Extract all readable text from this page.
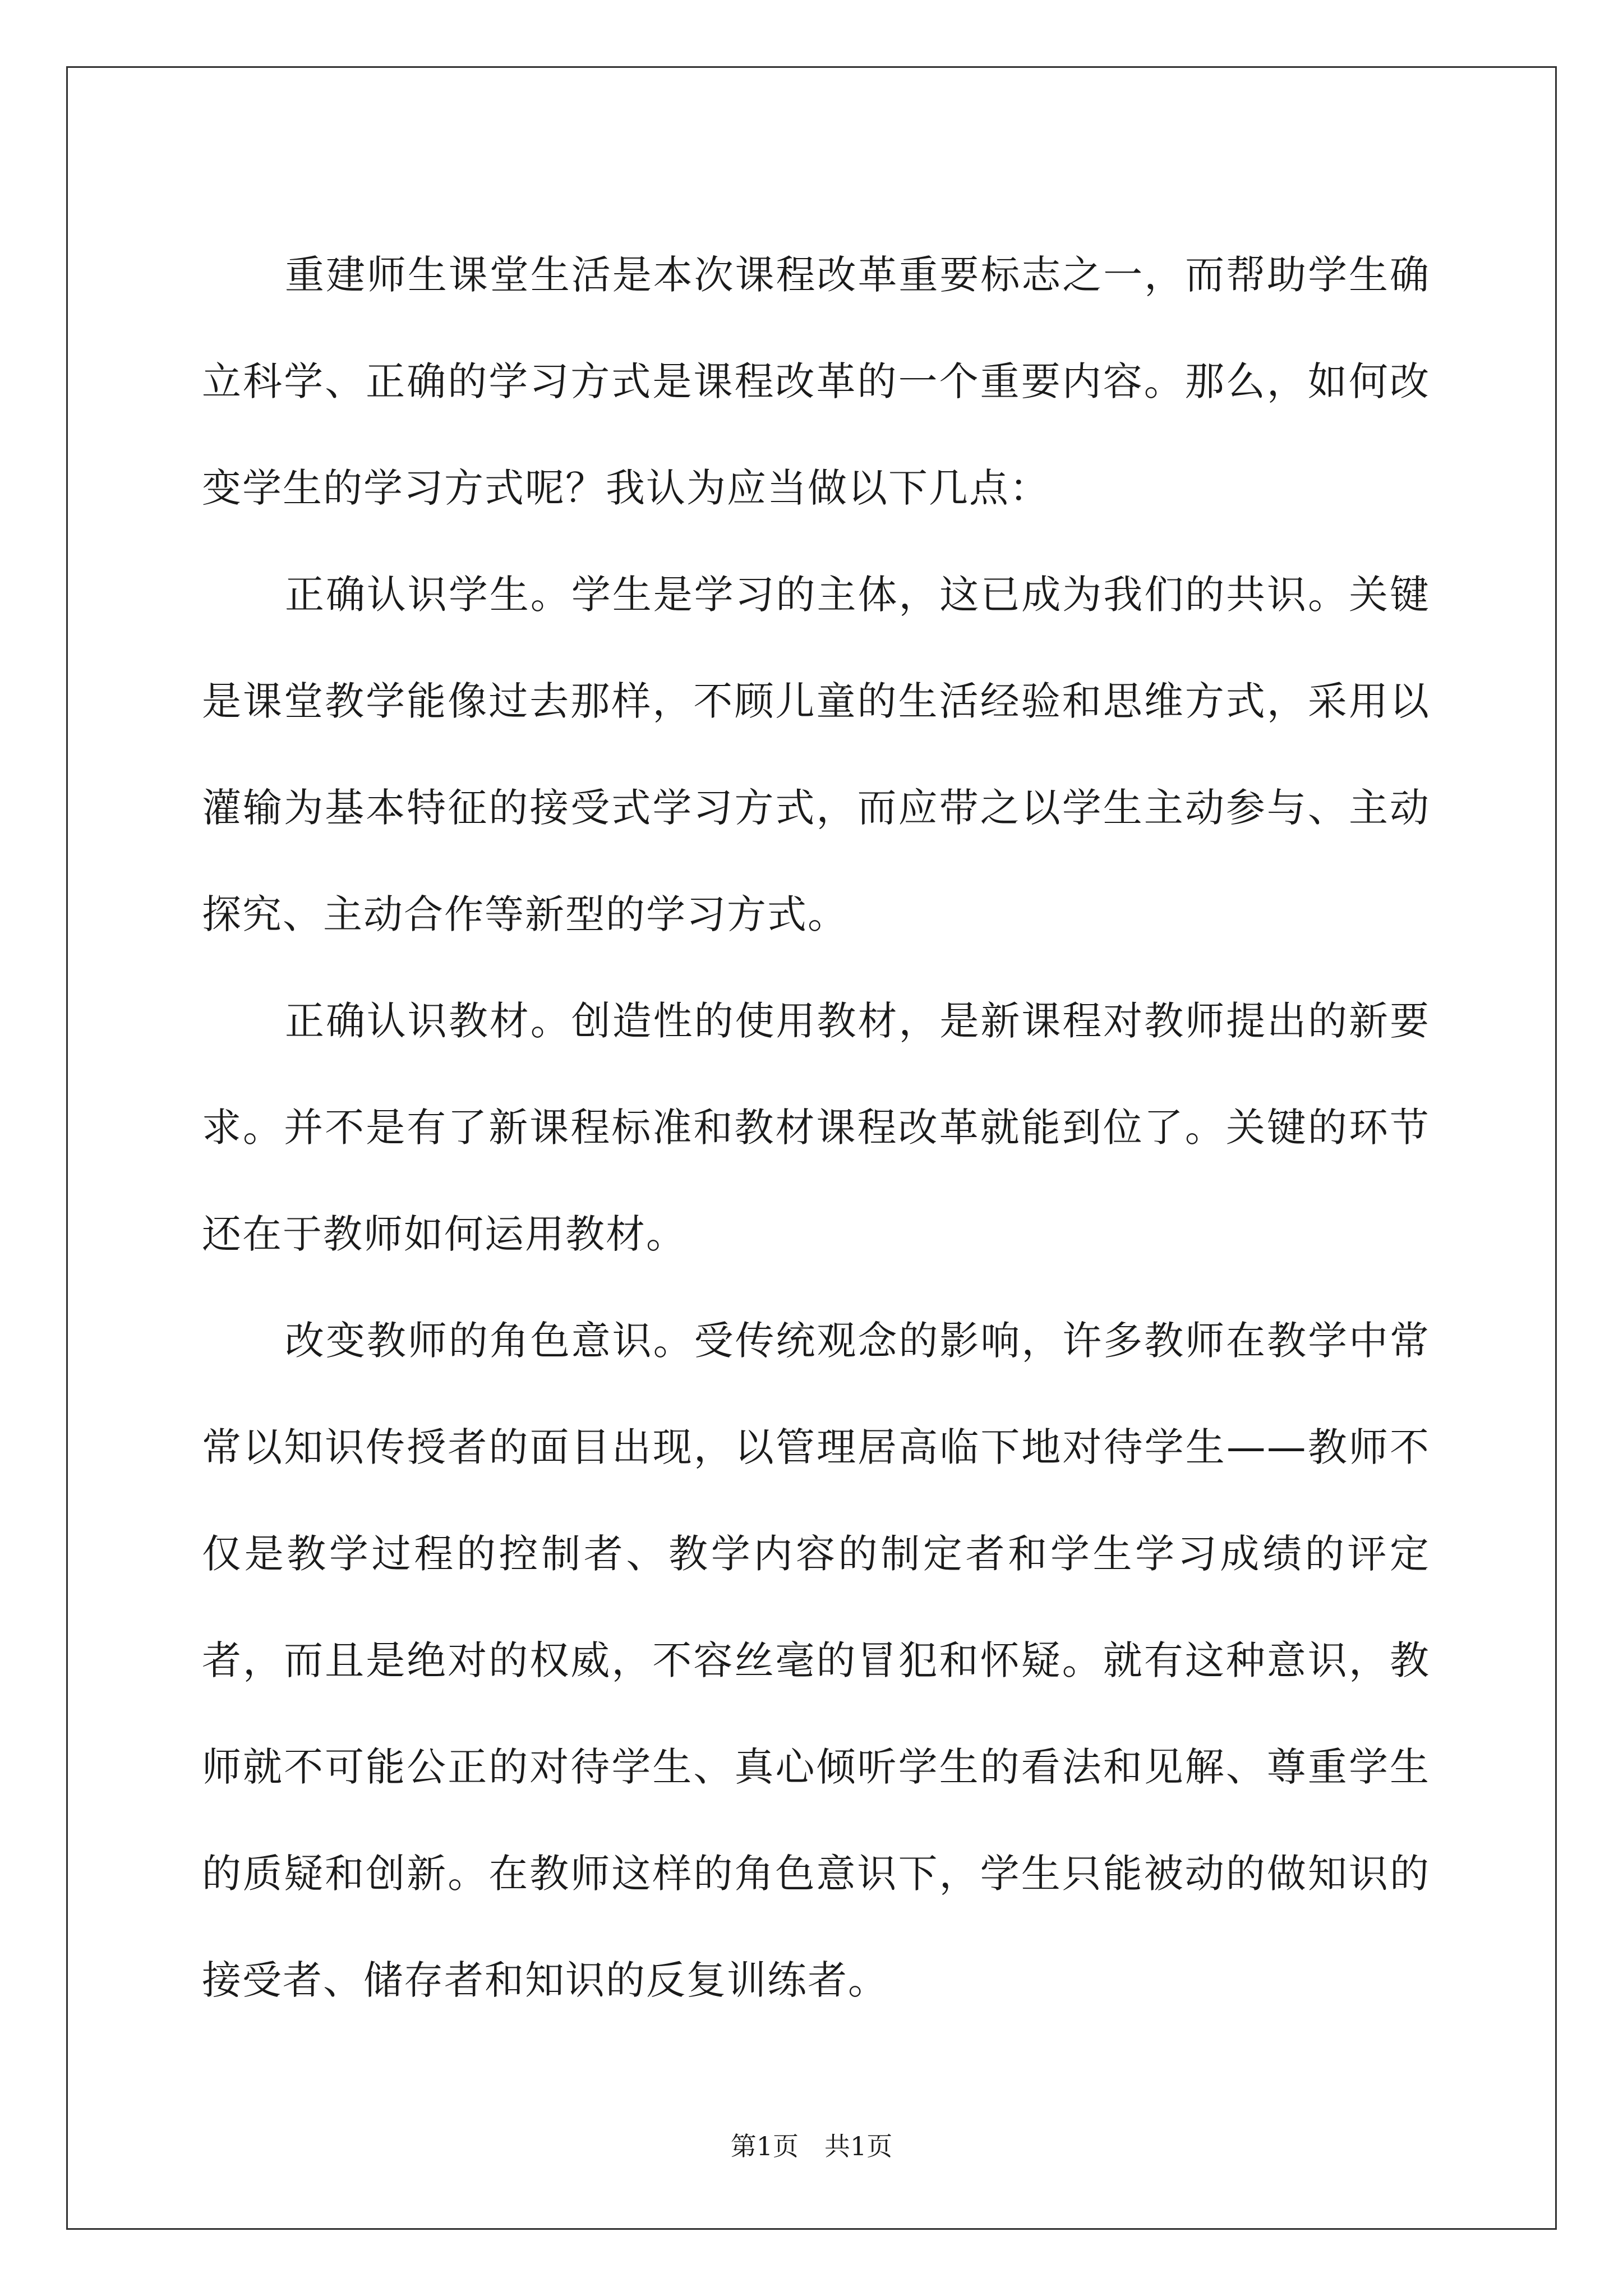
重建师生课堂生活是本次课程改革重要标志之一，而帮助学生确立科学、正确的学习方式是课程改革的一个重要内容。那么，如何改变学生的学习方式呢？我认为应当做以下几点：

正确认识学生。学生是学习的主体，这已成为我们的共识。关键是课堂教学能像过去那样，不顾儿童的生活经验和思维方式，采用以灌输为基本特征的接受式学习方式，而应带之以学生主动参与、主动探究、主动合作等新型的学习方式。

正确认识教材。创造性的使用教材，是新课程对教师提出的新要求。并不是有了新课程标准和教材课程改革就能到位了。关键的环节还在于教师如何运用教材。

改变教师的角色意识。受传统观念的影响，许多教师在教学中常常以知识传授者的面目出现，以管理居高临下地对待学生——教师不仅是教学过程的控制者、教学内容的制定者和学生学习成绩的评定者，而且是绝对的权威，不容丝毫的冒犯和怀疑。就有这种意识，教师就不可能公正的对待学生、真心倾听学生的看法和见解、尊重学生的质疑和创新。在教师这样的角色意识下，学生只能被动的做知识的接受者、储存者和知识的反复训练者。

第1页　共1页
